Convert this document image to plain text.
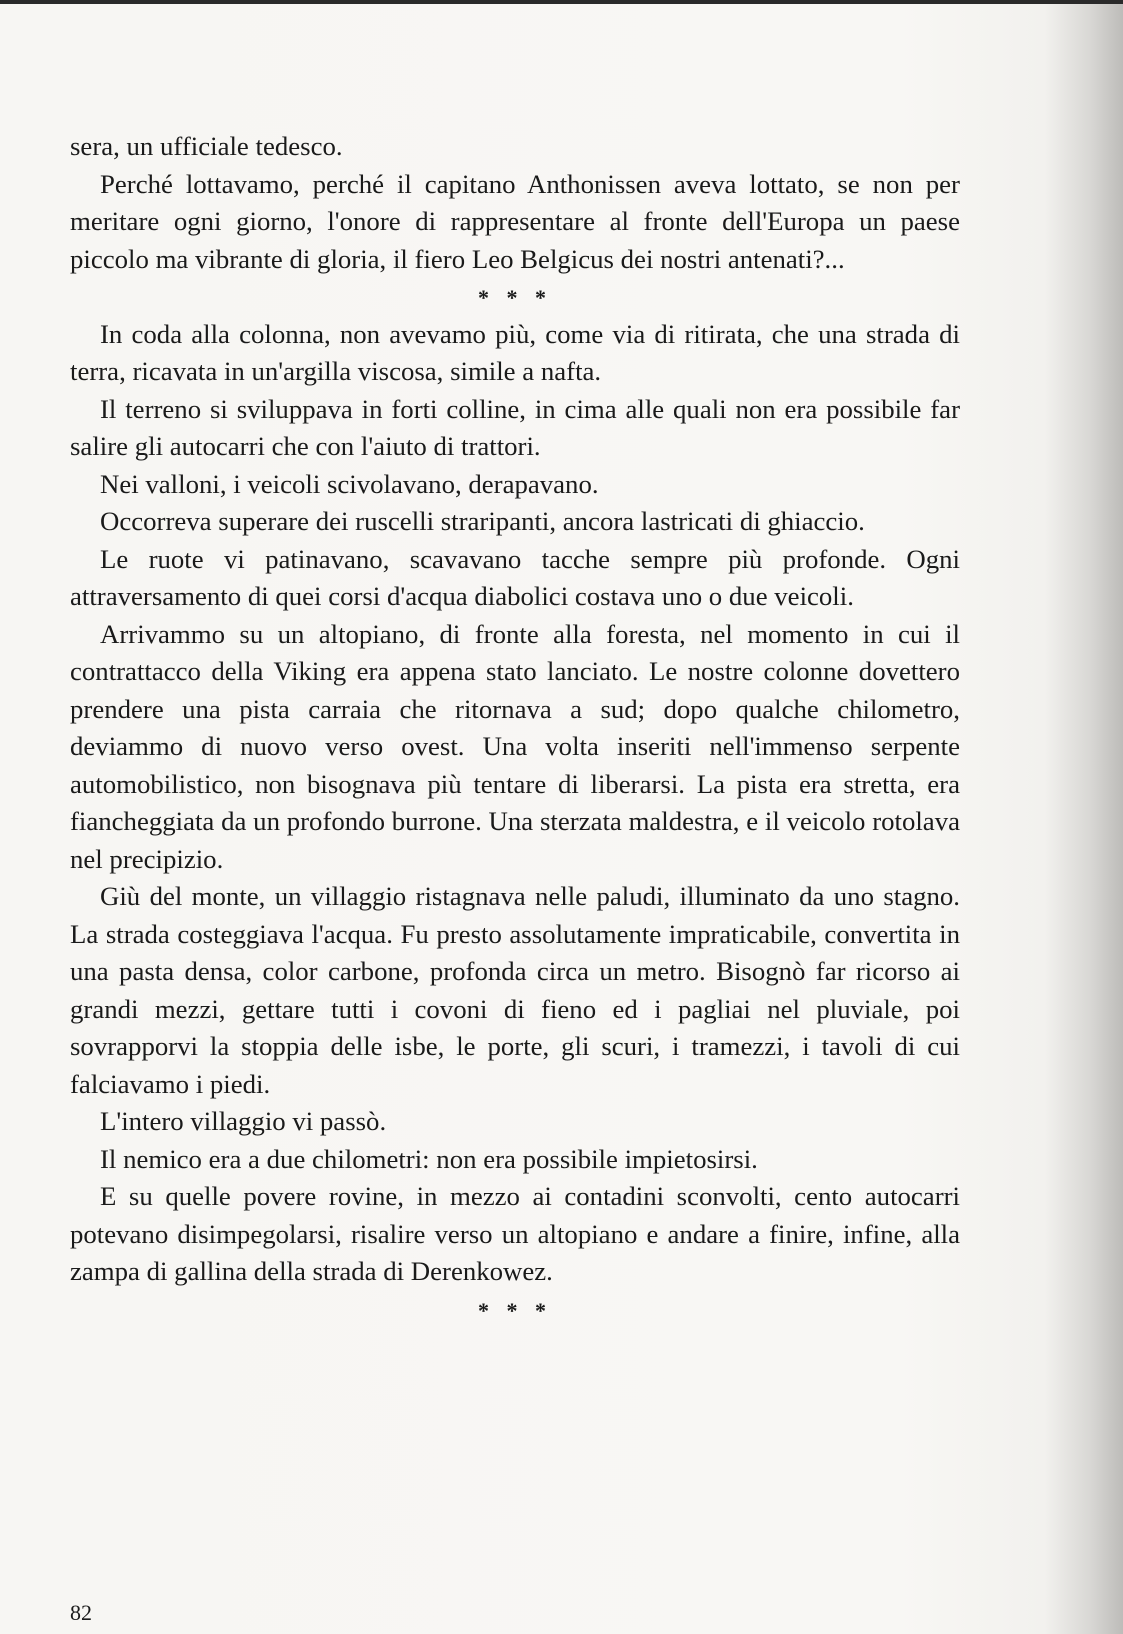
sera, un ufficiale tedesco.

Perché lottavamo, perché il capitano Anthonissen aveva lottato, se non per meritare ogni giorno, l'onore di rappresentare al fronte dell'Europa un paese piccolo ma vibrante di gloria, il fiero Leo Belgicus dei nostri antenati?...

* * *

In coda alla colonna, non avevamo più, come via di ritirata, che una strada di terra, ricavata in un'argilla viscosa, simile a nafta.

Il terreno si sviluppava in forti colline, in cima alle quali non era possibile far salire gli autocarri che con l'aiuto di trattori.

Nei valloni, i veicoli scivolavano, derapavano.

Occorreva superare dei ruscelli straripanti, ancora lastricati di ghiaccio.

Le ruote vi patinavano, scavavano tacche sempre più profonde. Ogni attraversamento di quei corsi d'acqua diabolici costava uno o due veicoli.

Arrivammo su un altopiano, di fronte alla foresta, nel momento in cui il contrattacco della Viking era appena stato lanciato. Le nostre colonne dovettero prendere una pista carraia che ritornava a sud; dopo qualche chilometro, deviammo di nuovo verso ovest. Una volta inseriti nell'immenso serpente automobilistico, non bisognava più tentare di liberarsi. La pista era stretta, era fiancheggiata da un profondo burrone. Una sterzata maldestra, e il veicolo rotolava nel precipizio.

Giù del monte, un villaggio ristagnava nelle paludi, illuminato da uno stagno. La strada costeggiava l'acqua. Fu presto assolutamente impraticabile, convertita in una pasta densa, color carbone, profonda circa un metro. Bisognò far ricorso ai grandi mezzi, gettare tutti i covoni di fieno ed i pagliai nel pluviale, poi sovrapporvi la stoppia delle isbe, le porte, gli scuri, i tramezzi, i tavoli di cui falciavamo i piedi.

L'intero villaggio vi passò.

Il nemico era a due chilometri: non era possibile impietosirsi.

E su quelle povere rovine, in mezzo ai contadini sconvolti, cento autocarri potevano disimpegolarsi, risalire verso un altopiano e andare a finire, infine, alla zampa di gallina della strada di Derenkowez.

* * *
82
